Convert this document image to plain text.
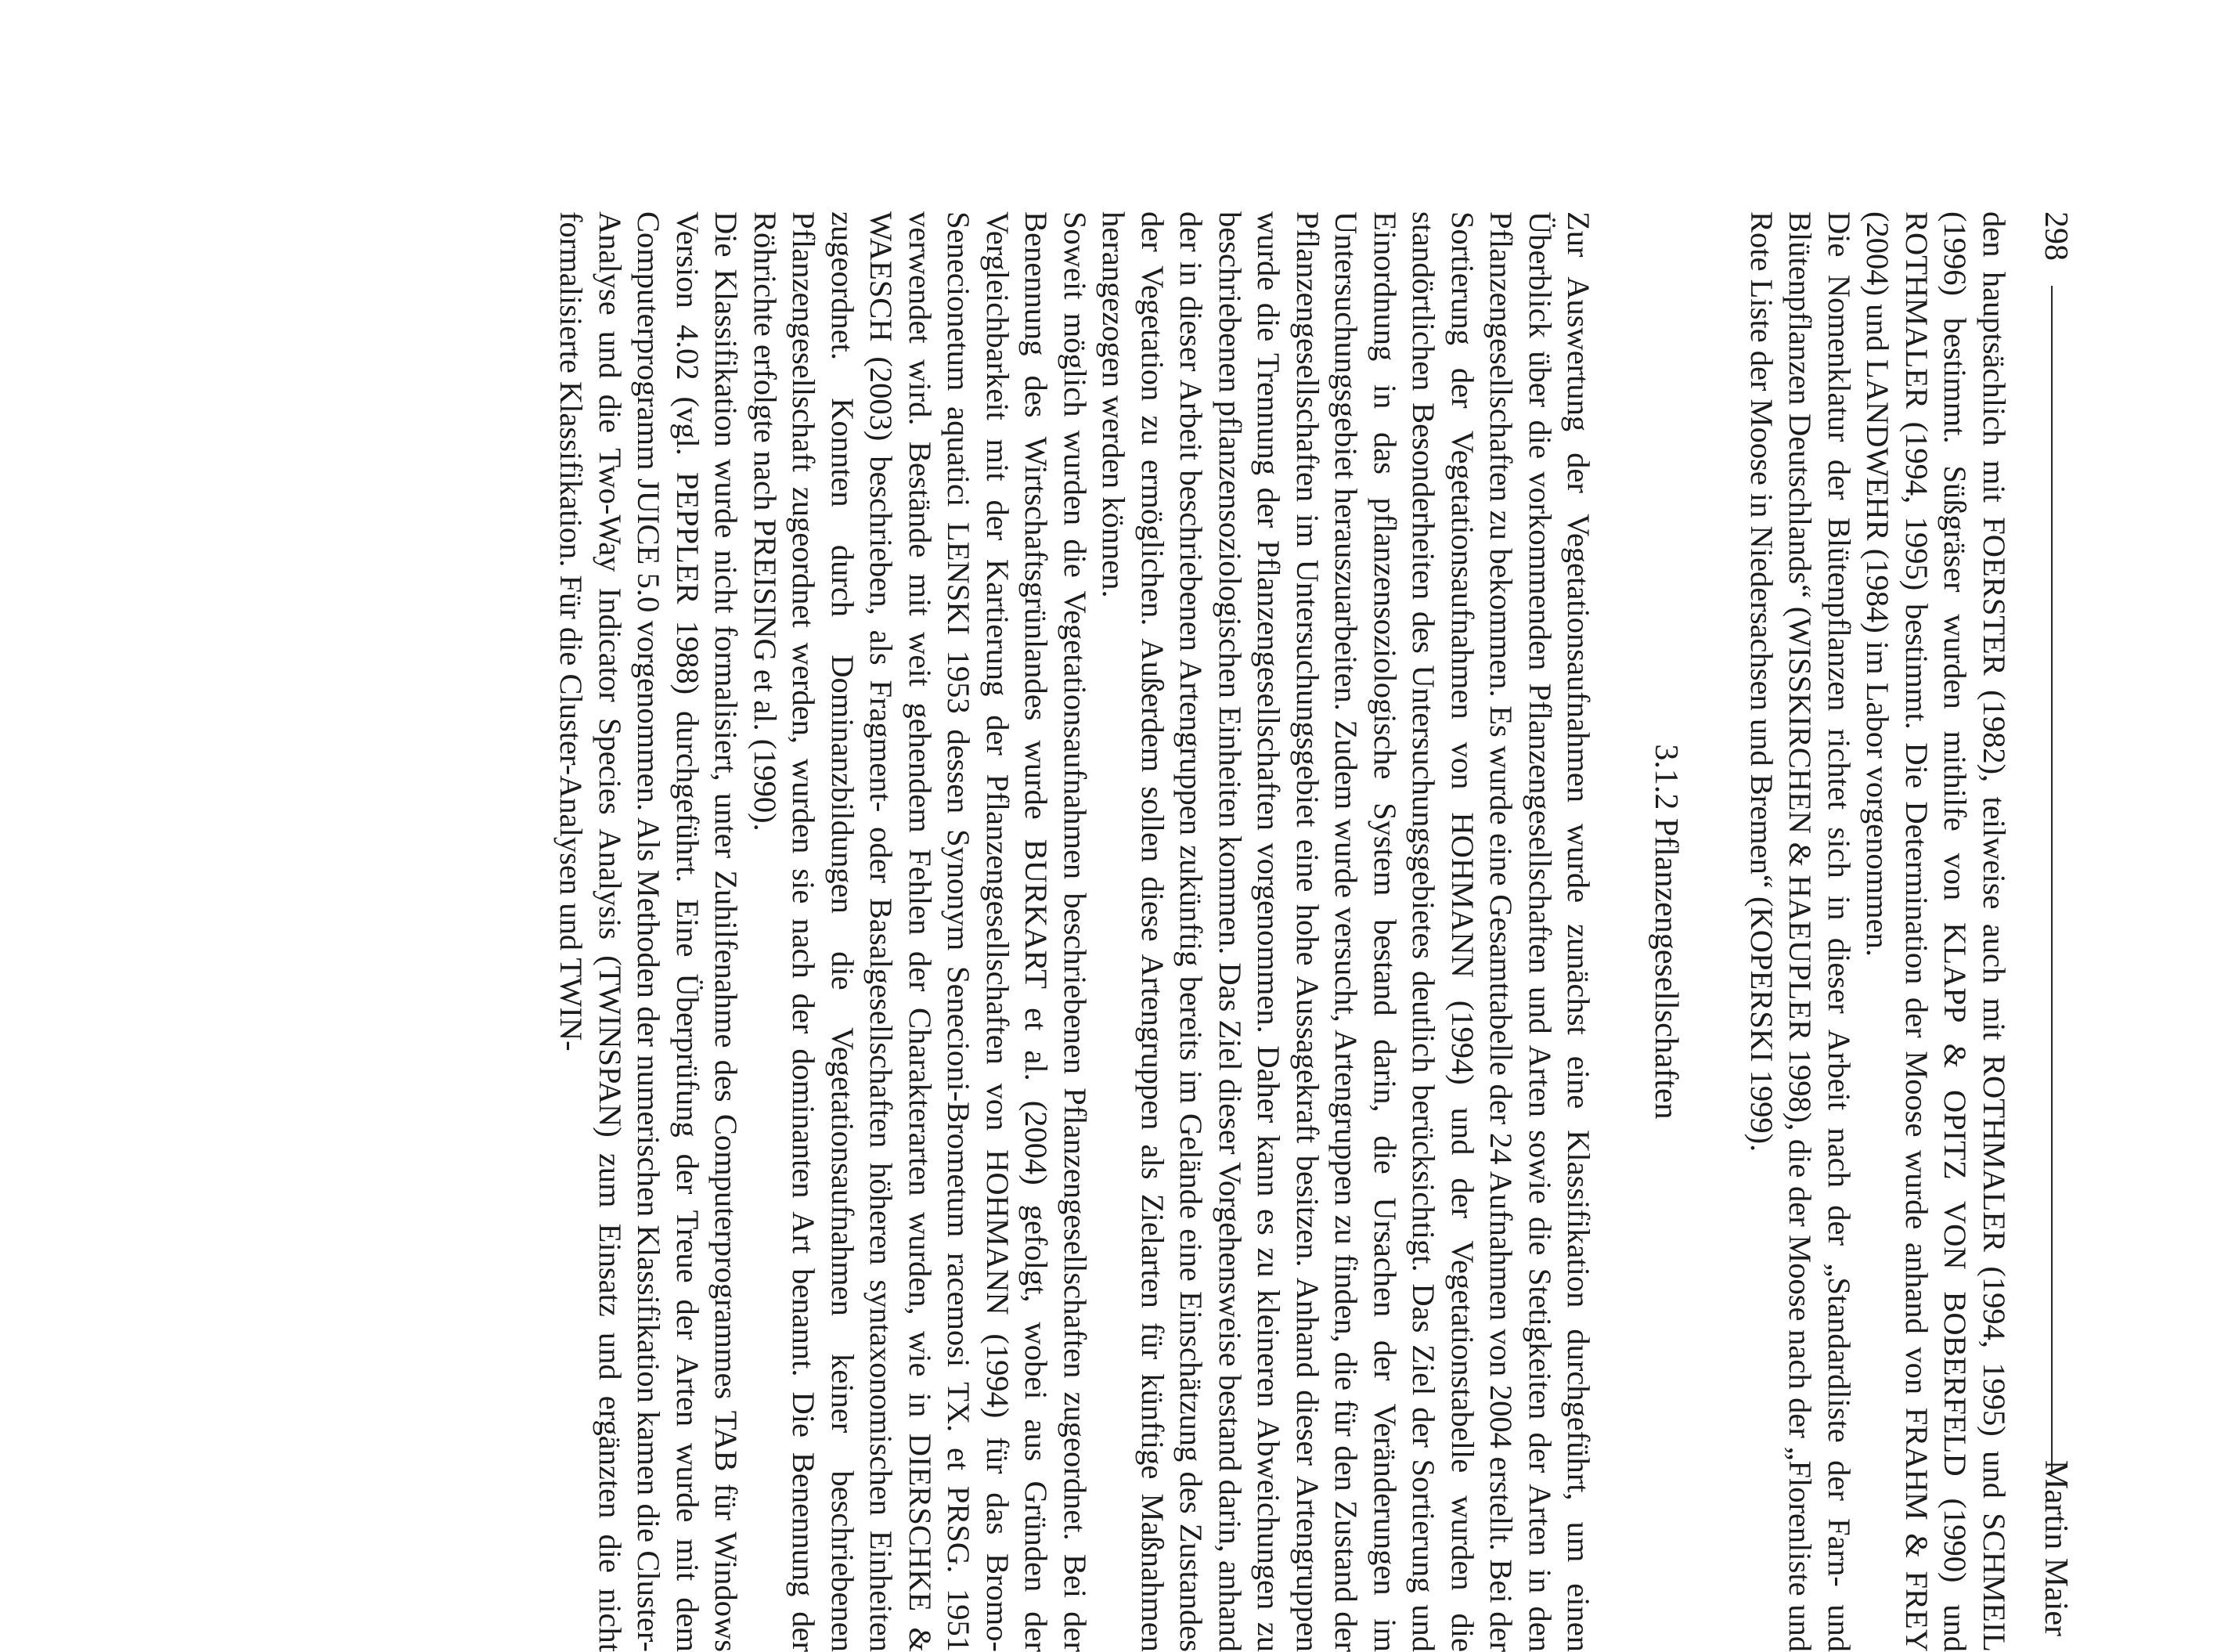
298
Martin Maier

den hauptsächlich mit FOERSTER (1982), teilweise auch mit ROTHMALER (1994, 1995) und SCHMEIL (1996) bestimmt. Süßgräser wurden mithilfe von KLAPP & OPITZ VON BOBERFELD (1990) und ROTHMALER (1994, 1995) bestimmt. Die Determination der Moose wurde anhand von FRAHM & FREY (2004) und LANDWEHR (1984) im Labor vorgenommen.

Die Nomenklatur der Blütenpflanzen richtet sich in dieser Arbeit nach der „Standardliste der Farn- und Blütenpflanzen Deutschlands“ (WISSKIRCHEN & HAEUPLER 1998), die der Moose nach der „Florenliste und Rote Liste der Moose in Niedersachsen und Bremen“ (KOPERSKI 1999).

3.1.2 Pflanzengesellschaften

Zur Auswertung der Vegetationsaufnahmen wurde zunächst eine Klassifikation durchgeführt, um einen Überblick über die vorkommenden Pflanzengesellschaften und Arten sowie die Stetigkeiten der Arten in den Pflanzengesellschaften zu bekommen. Es wurde eine Gesamttabelle der 24 Aufnahmen von 2004 erstellt. Bei der Sortierung der Vegetationsaufnahmen von HOHMANN (1994) und der Vegetationstabelle wurden die standörtlichen Besonderheiten des Untersuchungsgebietes deutlich berücksichtigt. Das Ziel der Sortierung und Einordnung in das pflanzensoziologische System bestand darin, die Ursachen der Veränderungen im Untersuchungsgebiet herauszuarbeiten. Zudem wurde versucht, Artengruppen zu finden, die für den Zustand der Pflanzengesellschaften im Untersuchungsgebiet eine hohe Aussagekraft besitzen. Anhand dieser Artengruppen wurde die Trennung der Pflanzengesellschaften vorgenommen. Daher kann es zu kleineren Abweichungen zu beschriebenen pflanzensoziologischen Einheiten kommen. Das Ziel dieser Vorgehensweise bestand darin, anhand der in dieser Arbeit beschriebenen Artengruppen zukünftig bereits im Gelände eine Einschätzung des Zustandes der Vegetation zu ermöglichen. Außerdem sollen diese Artengruppen als Zielarten für künftige Maßnahmen herangezogen werden können.

Soweit möglich wurden die Vegetationsaufnahmen beschriebenen Pflanzengesellschaften zugeordnet. Bei der Benennung des Wirtschaftsgrünlandes wurde BURKART et al. (2004) gefolgt, wobei aus Gründen der Vergleichbarkeit mit der Kartierung der Pflanzengesellschaften von HOHMANN (1994) für das Bromo-Senecionetum aquatici LENSKI 1953 dessen Synonym Senecioni-Brometum racemosi TX. et PRSG. 1951 verwendet wird. Bestände mit weit gehendem Fehlen der Charakterarten wurden, wie in DIERSCHKE & WAESCH (2003) beschrieben, als Fragment- oder Basalgesellschaften höheren syntaxonomischen Einheiten zugeordnet. Konnten durch Dominanzbildungen die Vegetationsaufnahmen keiner beschriebenen Pflanzengesellschaft zugeordnet werden, wurden sie nach der dominanten Art benannt. Die Benennung der Röhrichte erfolgte nach PREISING et al. (1990).

Die Klassifikation wurde nicht formalisiert, unter Zuhilfenahme des Computerprogrammes TAB für Windows Version 4.02 (vgl. PEPPLER 1988) durchgeführt. Eine Überprüfung der Treue der Arten wurde mit dem Computerprogramm JUICE 5.0 vorgenommen. Als Methoden der numerischen Klassifikation kamen die Cluster-Analyse und die Two-Way Indicator Species Analysis (TWINSPAN) zum Einsatz und ergänzten die nicht formalisierte Klassifikation. Für die Cluster-Analysen und TWIN-
